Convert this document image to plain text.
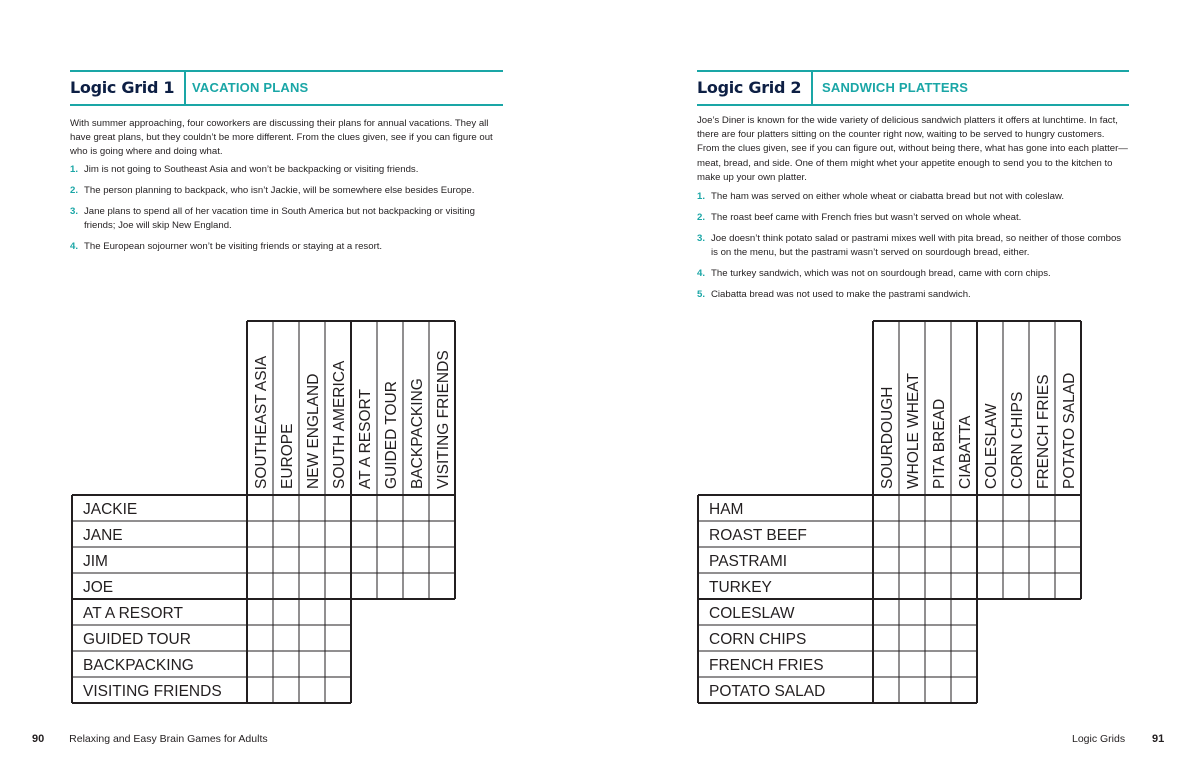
Logic Grid 1	VACATION PLANS

With summer approaching, four coworkers are discussing their plans for annual vacations. They all have great plans, but they couldn’t be more different. From the clues given, see if you can figure out who is going where and doing what.

1. Jim is not going to Southeast Asia and won’t be backpacking or visiting friends.
2. The person planning to backpack, who isn’t Jackie, will be somewhere else besides Europe.
3. Jane plans to spend all of her vacation time in South America but not backpacking or visiting friends; Joe will skip New England.
4. The European sojourner won’t be visiting friends or staying at a resort.
90 Relaxing and Easy Brain Games for Adults
Logic Grid 2	SANDWICH PLATTERS

Joe’s Diner is known for the wide variety of delicious sandwich platters it offers at lunchtime. In fact, there are four platters sitting on the counter right now, waiting to be served to hungry customers. From the clues given, see if you can figure out, without being there, what has gone into each platter—meat, bread, and side. One of them might whet your appetite enough to send you to the kitchen to make up your own platter.

1. The ham was served on either whole wheat or ciabatta bread but not with coleslaw.
2. The roast beef came with French fries but wasn’t served on whole wheat.
3. Joe doesn’t think potato salad or pastrami mixes well with pita bread, so neither of those combos is on the menu, but the pastrami wasn’t served on sourdough bread, either.
4. The turkey sandwich, which was not on sourdough bread, came with corn chips.
5. Ciabatta bread was not used to make the pastrami sandwich.
Logic Grids 91
SOUTHEAST ASIA EUROPE NEW ENGLAND SOUTH AMERICA AT A RESORT GUIDED TOUR BACKPACKING VISITING FRIENDS
JACKIE
JANE
JIM
JOE
AT A RESORT
GUIDED TOUR
BACKPACKING
VISITING FRIENDS
SOURDOUGH WHOLE WHEAT PITA BREAD CIABATTA COLESLAW CORN CHIPS FRENCH FRIES POTATO SALAD
HAM
ROAST BEEF
PASTRAMI
TURKEY
COLESLAW
CORN CHIPS
FRENCH FRIES
POTATO SALAD
